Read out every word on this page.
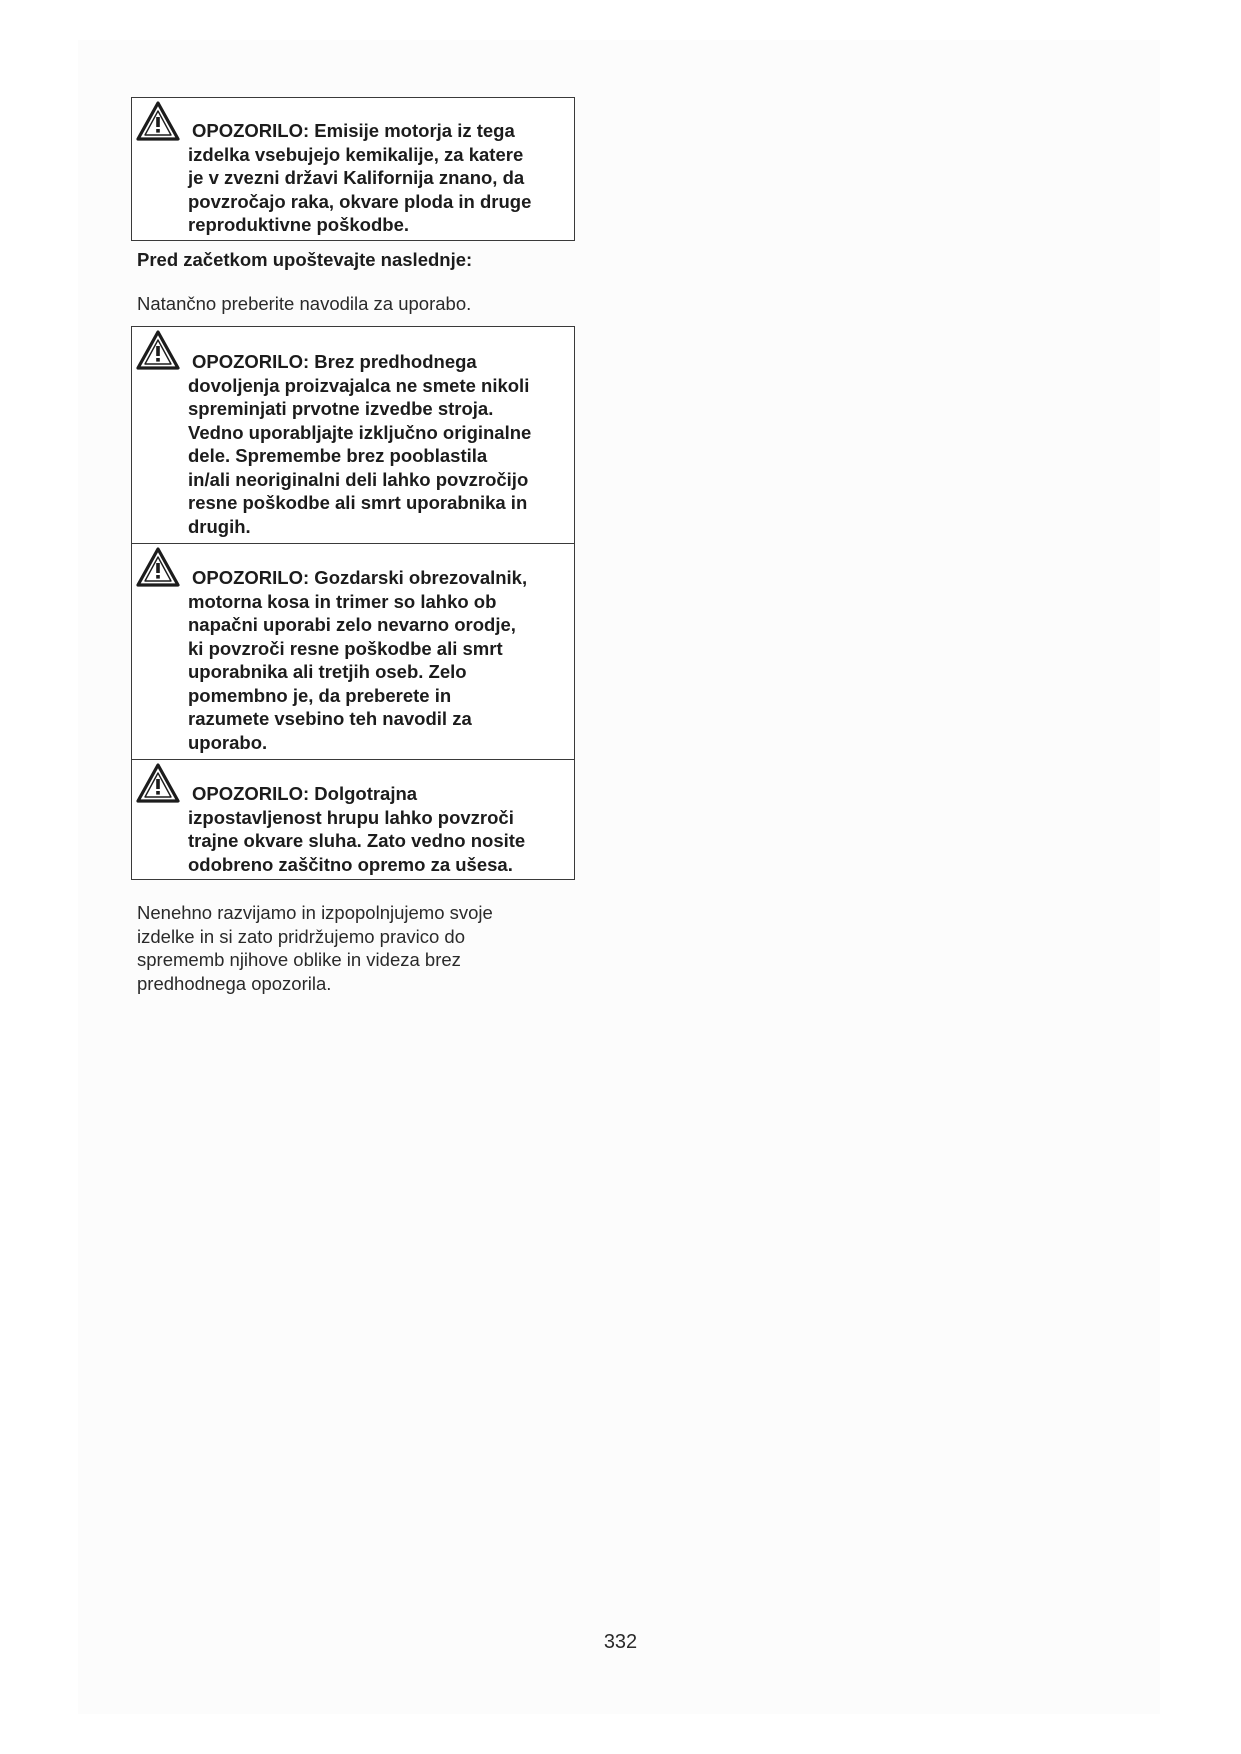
OPOZORILO: Emisije motorja iz tega
izdelka vsebujejo kemikalije, za katere
je v zvezni državi Kalifornija znano, da
povzročajo raka, okvare ploda in druge
reproduktivne poškodbe.
Pred začetkom upoštevajte naslednje:
Natančno preberite navodila za uporabo.
OPOZORILO: Brez predhodnega
dovoljenja proizvajalca ne smete nikoli
spreminjati prvotne izvedbe stroja.
Vedno uporabljajte izključno originalne
dele. Spremembe brez pooblastila
in/ali neoriginalni deli lahko povzročijo
resne poškodbe ali smrt uporabnika in
drugih.
OPOZORILO: Gozdarski obrezovalnik,
motorna kosa in trimer so lahko ob
napačni uporabi zelo nevarno orodje,
ki povzroči resne poškodbe ali smrt
uporabnika ali tretjih oseb. Zelo
pomembno je, da preberete in
razumete vsebino teh navodil za
uporabo.
OPOZORILO: Dolgotrajna
izpostavljenost hrupu lahko povzroči
trajne okvare sluha. Zato vedno nosite
odobreno zaščitno opremo za ušesa.
Nenehno razvijamo in izpopolnjujemo svoje
izdelke in si zato pridržujemo pravico do
sprememb njihove oblike in videza brez
predhodnega opozorila.
332
